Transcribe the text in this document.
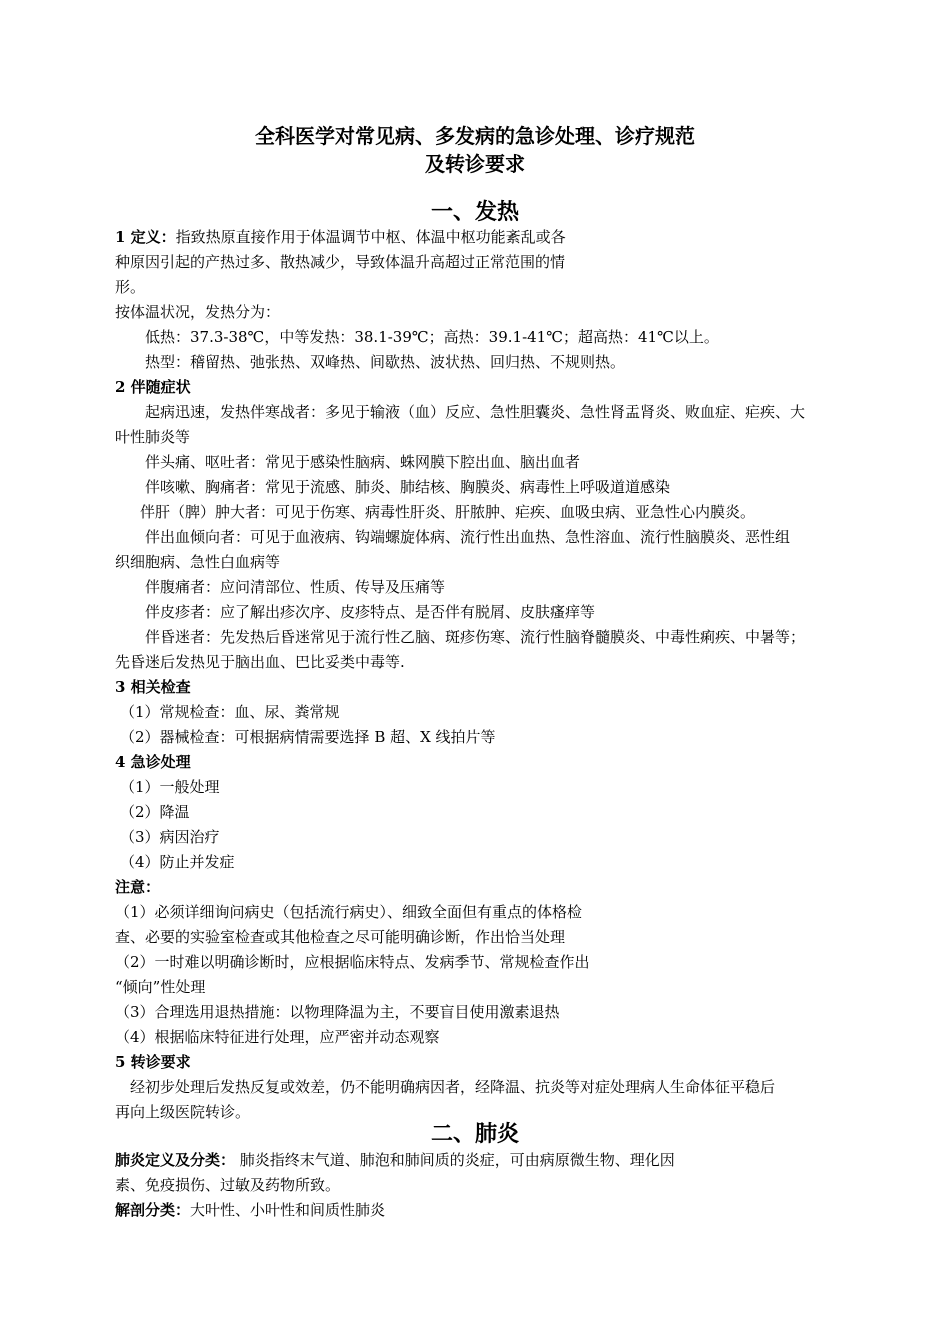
全科医学对常见病、多发病的急诊处理、诊疗规范
及转诊要求
一、发热
1 定义：指致热原直接作用于体温调节中枢、体温中枢功能紊乱或各
种原因引起的产热过多、散热减少，导致体温升高超过正常范围的情
形。
按体温状况，发热分为：
低热：37.3-38℃，中等发热：38.1-39℃；高热：39.1-41℃；超高热：41℃以上。
热型：稽留热、弛张热、双峰热、间歇热、波状热、回归热、不规则热。
2 伴随症状
起病迅速，发热伴寒战者：多见于输液（血）反应、急性胆囊炎、急性肾盂肾炎、败血症、疟疾、大
叶性肺炎等
伴头痛、呕吐者：常见于感染性脑病、蛛网膜下腔出血、脑出血者
伴咳嗽、胸痛者：常见于流感、肺炎、肺结核、胸膜炎、病毒性上呼吸道道感染
伴肝（脾）肿大者：可见于伤寒、病毒性肝炎、肝脓肿、疟疾、血吸虫病、亚急性心内膜炎。
伴出血倾向者：可见于血液病、钩端螺旋体病、流行性出血热、急性溶血、流行性脑膜炎、恶性组
织细胞病、急性白血病等
伴腹痛者：应问清部位、性质、传导及压痛等
伴皮疹者：应了解出疹次序、皮疹特点、是否伴有脱屑、皮肤瘙痒等
伴昏迷者：先发热后昏迷常见于流行性乙脑、斑疹伤寒、流行性脑脊髓膜炎、中毒性痢疾、中暑等；
先昏迷后发热见于脑出血、巴比妥类中毒等.
3 相关检查
（1）常规检查：血、尿、粪常规
（2）器械检查：可根据病情需要选择 B 超、X 线拍片等
4 急诊处理
（1）一般处理
（2）降温
（3）病因治疗
（4）防止并发症
注意：
（1）必须详细询问病史（包括流行病史）、细致全面但有重点的体格检
查、必要的实验室检查或其他检查之尽可能明确诊断，作出恰当处理
（2）一时难以明确诊断时，应根据临床特点、发病季节、常规检查作出
“倾向”性处理
（3）合理选用退热措施：以物理降温为主，不要盲目使用激素退热
（4）根据临床特征进行处理，应严密并动态观察
5 转诊要求
经初步处理后发热反复或效差，仍不能明确病因者，经降温、抗炎等对症处理病人生命体征平稳后
再向上级医院转诊。
二、肺炎
肺炎定义及分类： 肺炎指终末气道、肺泡和肺间质的炎症，可由病原微生物、理化因
素、免疫损伤、过敏及药物所致。
解剖分类：大叶性、小叶性和间质性肺炎
